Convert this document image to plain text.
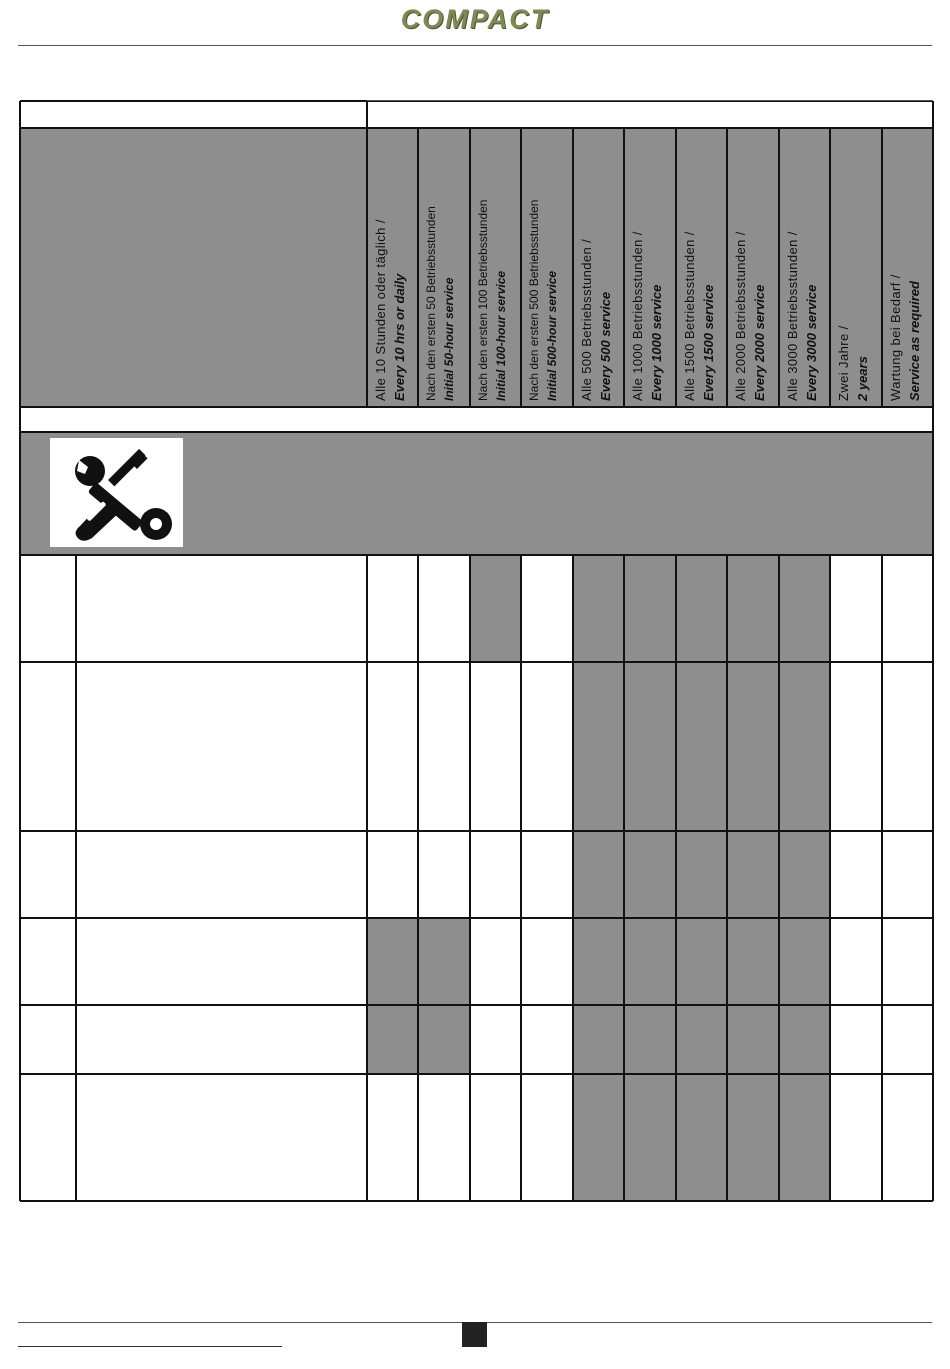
COMPACT
Alle 10 Stunden oder täglich / Every 10 hrs or daily Nach den ersten 50 Betriebsstunden Initial 50-hour service Nach den ersten 100 Betriebsstunden Initial 100-hour service Nach den ersten 500 Betriebsstunden Initial 500-hour service Alle 500 Betriebsstunden / Every 500 service Alle 1000 Betriebsstunden / Every 1000 service Alle 1500 Betriebsstunden / Every 1500 service Alle 2000 Betriebsstunden / Every 2000 service Alle 3000 Betriebsstunden / Every 3000 service Zwei Jahre / 2 years Wartung bei Bedarf / Service as required
